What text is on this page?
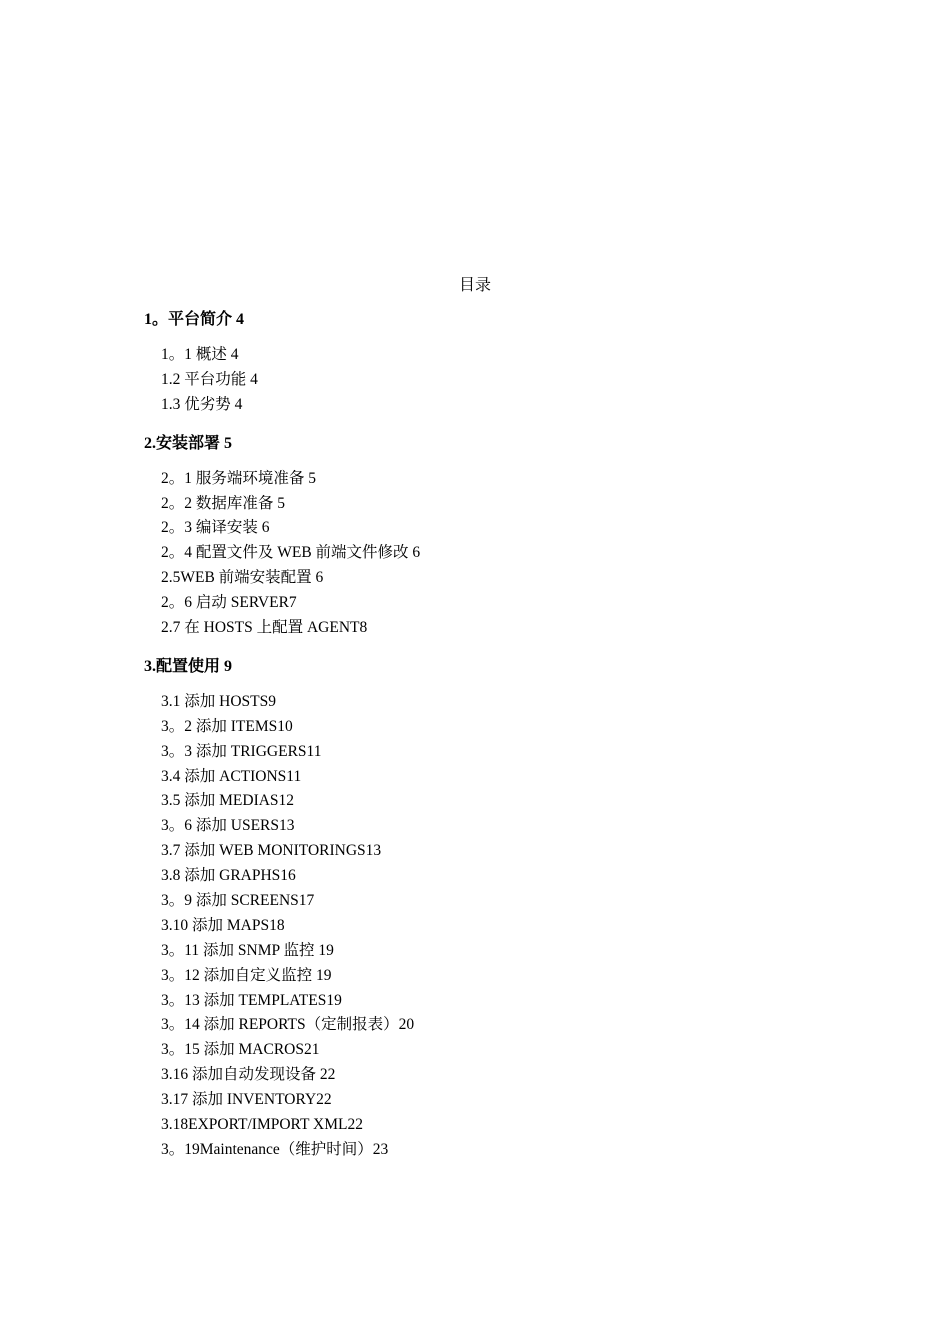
目录
1。平台简介 4
1。1 概述 4
1.2 平台功能 4
1.3 优劣势 4
2.安装部署 5
2。1 服务端环境准备 5
2。2 数据库准备 5
2。3 编译安装 6
2。4 配置文件及 WEB 前端文件修改 6
2.5WEB 前端安装配置 6
2。6 启动 SERVER7
2.7 在 HOSTS 上配置 AGENT8
3.配置使用 9
3.1 添加 HOSTS9
3。2 添加 ITEMS10
3。3 添加 TRIGGERS11
3.4 添加 ACTIONS11
3.5 添加 MEDIAS12
3。6 添加 USERS13
3.7 添加 WEB MONITORINGS13
3.8 添加 GRAPHS16
3。9 添加 SCREENS17
3.10 添加 MAPS18
3。11 添加 SNMP 监控 19
3。12 添加自定义监控 19
3。13 添加 TEMPLATES19
3。14 添加 REPORTS（定制报表）20
3。15 添加 MACROS21
3.16 添加自动发现设备 22
3.17 添加 INVENTORY22
3.18EXPORT/IMPORT XML22
3。19Maintenance（维护时间）23
